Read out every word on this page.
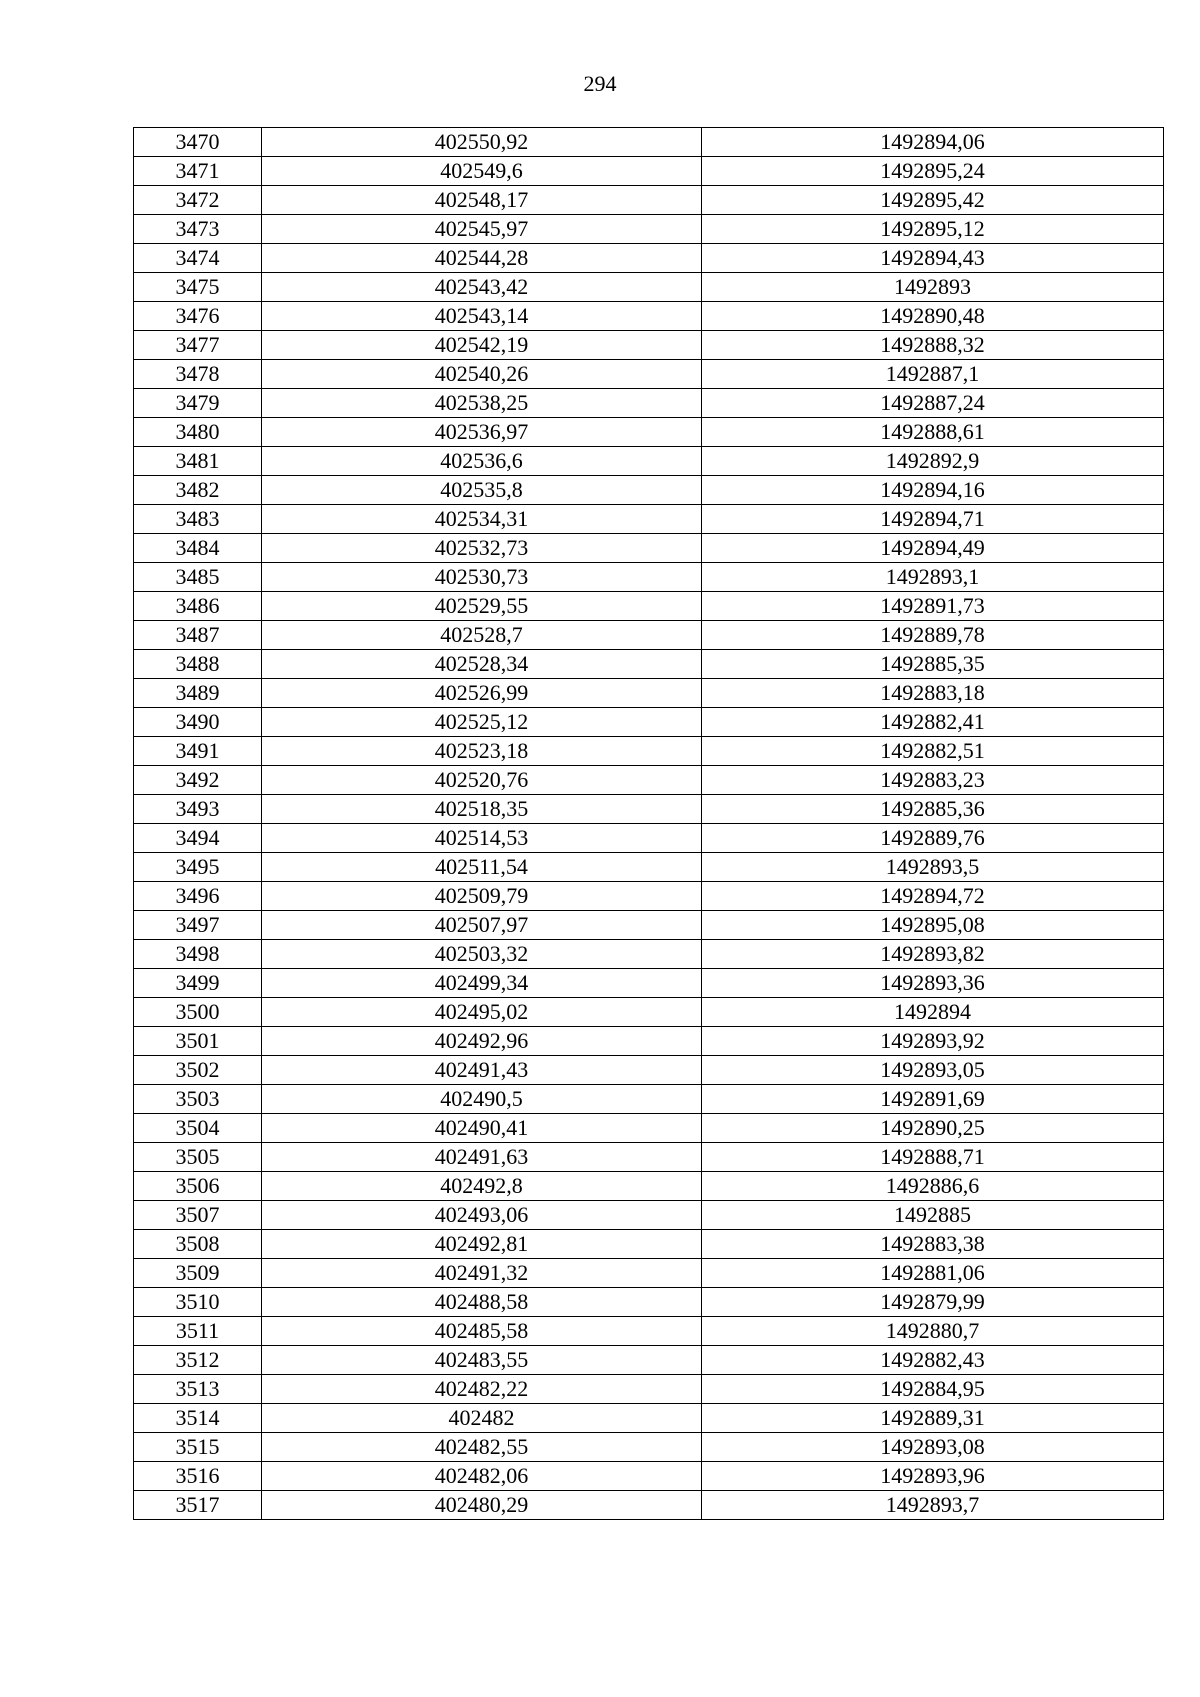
294
3470	402550,92	1492894,06
3471	402549,6	1492895,24
3472	402548,17	1492895,42
3473	402545,97	1492895,12
3474	402544,28	1492894,43
3475	402543,42	1492893
3476	402543,14	1492890,48
3477	402542,19	1492888,32
3478	402540,26	1492887,1
3479	402538,25	1492887,24
3480	402536,97	1492888,61
3481	402536,6	1492892,9
3482	402535,8	1492894,16
3483	402534,31	1492894,71
3484	402532,73	1492894,49
3485	402530,73	1492893,1
3486	402529,55	1492891,73
3487	402528,7	1492889,78
3488	402528,34	1492885,35
3489	402526,99	1492883,18
3490	402525,12	1492882,41
3491	402523,18	1492882,51
3492	402520,76	1492883,23
3493	402518,35	1492885,36
3494	402514,53	1492889,76
3495	402511,54	1492893,5
3496	402509,79	1492894,72
3497	402507,97	1492895,08
3498	402503,32	1492893,82
3499	402499,34	1492893,36
3500	402495,02	1492894
3501	402492,96	1492893,92
3502	402491,43	1492893,05
3503	402490,5	1492891,69
3504	402490,41	1492890,25
3505	402491,63	1492888,71
3506	402492,8	1492886,6
3507	402493,06	1492885
3508	402492,81	1492883,38
3509	402491,32	1492881,06
3510	402488,58	1492879,99
3511	402485,58	1492880,7
3512	402483,55	1492882,43
3513	402482,22	1492884,95
3514	402482	1492889,31
3515	402482,55	1492893,08
3516	402482,06	1492893,96
3517	402480,29	1492893,7
